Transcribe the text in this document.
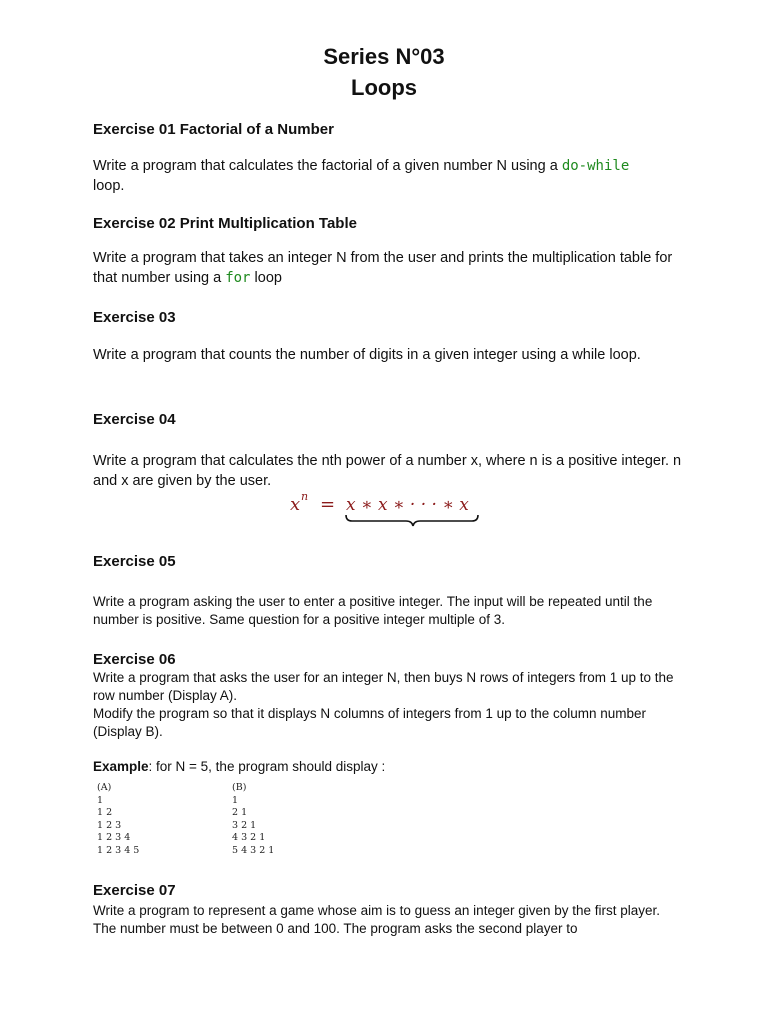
Series N°03
Loops
Exercise 01 Factorial of a Number
Write a program that calculates the factorial of a given number N using a do-while
loop.
Exercise 02 Print Multiplication Table
Write a program that takes an integer N from the user and prints the multiplication table for that number using a for loop
Exercise 03
Write a program that counts the number of digits in a given integer using a while loop.
Exercise 04
Write a program that calculates the nth power of a number x, where n is a positive integer. n and x are given by the user.
x n = x ∗ x ∗ · · · ∗ x
Exercise 05
Write a program asking the user to enter a positive integer. The input will be repeated until the number is positive. Same question for a positive integer multiple of 3.
Exercise 06
Write a program that asks the user for an integer N, then buys N rows of integers from 1 up to the row number (Display A).
Modify the program so that it displays N columns of integers from 1 up to the column number (Display B).
Example: for N = 5, the program should display :
(A)
1
1 2
1 2 3
1 2 3 4
1 2 3 4 5
(B)
1
2 1
3 2 1
4 3 2 1
5 4 3 2 1
Exercise 07
Write a program to represent a game whose aim is to guess an integer given by the first player. The number must be between 0 and 100. The program asks the second player to
